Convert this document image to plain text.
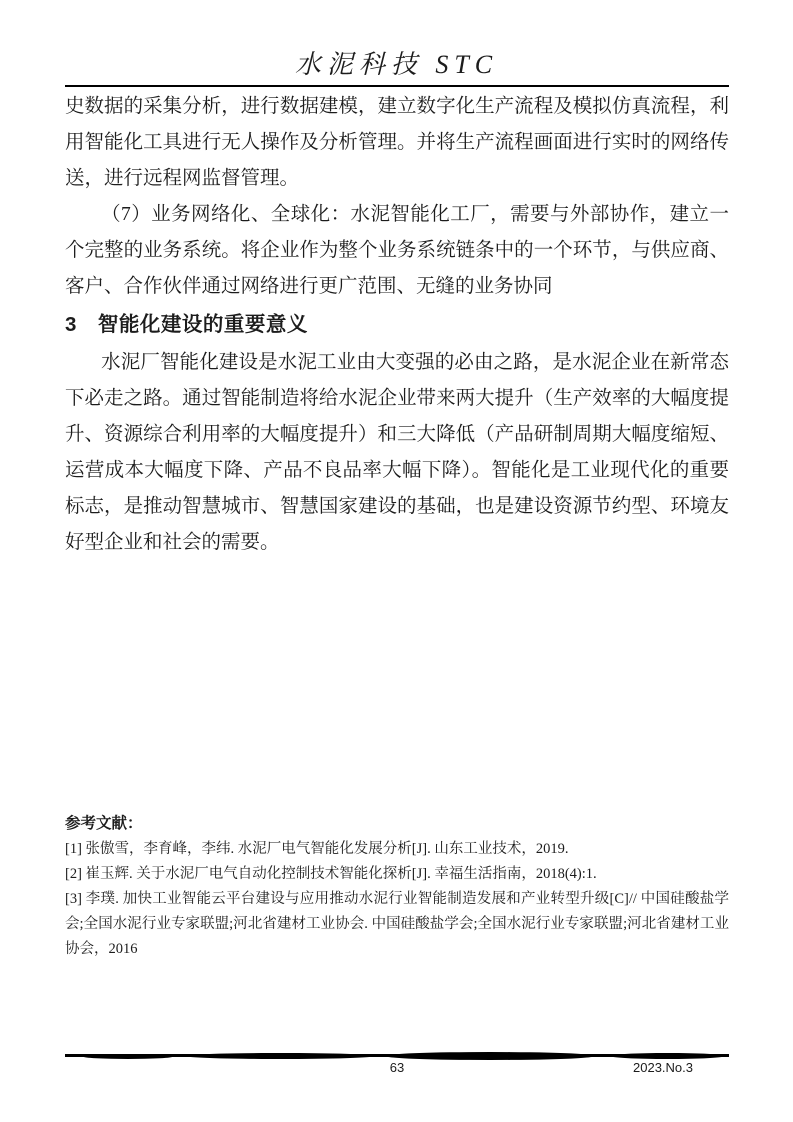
水泥科技 STC

史数据的采集分析，进行数据建模，建立数字化生产流程及模拟仿真流程，利用智能化工具进行无人操作及分析管理。并将生产流程画面进行实时的网络传送，进行远程网监督管理。

（7）业务网络化、全球化：水泥智能化工厂，需要与外部协作，建立一个完整的业务系统。将企业作为整个业务系统链条中的一个环节，与供应商、客户、合作伙伴通过网络进行更广范围、无缝的业务协同

3　智能化建设的重要意义

水泥厂智能化建设是水泥工业由大变强的必由之路，是水泥企业在新常态下必走之路。通过智能制造将给水泥企业带来两大提升（生产效率的大幅度提升、资源综合利用率的大幅度提升）和三大降低（产品研制周期大幅度缩短、运营成本大幅度下降、产品不良品率大幅下降）。智能化是工业现代化的重要标志，是推动智慧城市、智慧国家建设的基础，也是建设资源节约型、环境友好型企业和社会的需要。

参考文献：
[1] 张傲雪，李育峰，李纬. 水泥厂电气智能化发展分析[J]. 山东工业技术，2019.
[2] 崔玉辉. 关于水泥厂电气自动化控制技术智能化探析[J]. 幸福生活指南，2018(4):1.
[3] 李璞. 加快工业智能云平台建设与应用推动水泥行业智能制造发展和产业转型升级[C]// 中国硅酸盐学会;全国水泥行业专家联盟;河北省建材工业协会. 中国硅酸盐学会;全国水泥行业专家联盟;河北省建材工业协会，2016
63	2023.No.3
